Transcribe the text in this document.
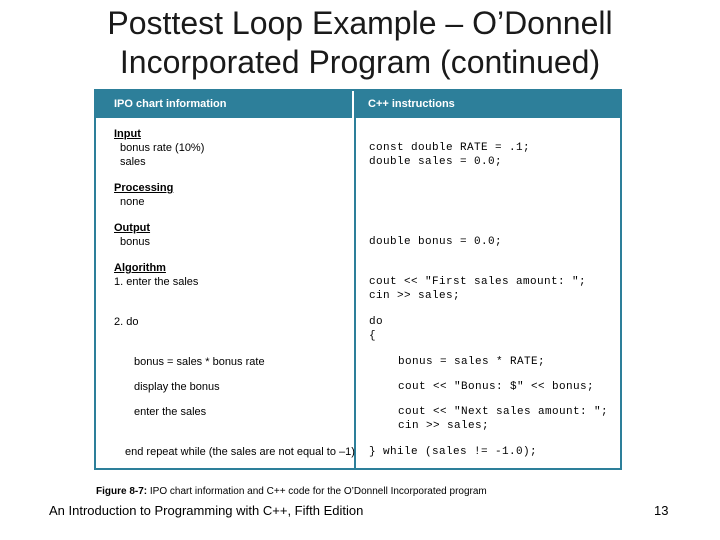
Posttest Loop Example – O’Donnell
Incorporated Program (continued)
IPO chart information	C++ instructions
Input
bonus rate (10%)
sales
Processing
none
Output
bonus
Algorithm
1. enter the sales
2. do
bonus = sales * bonus rate
display the bonus
enter the sales
end repeat while (the sales are not equal to –1)
const double RATE = .1;
double sales = 0.0;
double bonus = 0.0;
cout << "First sales amount: ";
cin >> sales;
do
{
bonus = sales * RATE;
cout << "Bonus: $" << bonus;
cout << "Next sales amount: ";
cin >> sales;
} while (sales != -1.0);
Figure 8-7: IPO chart information and C++ code for the O’Donnell Incorporated program
An Introduction to Programming with C++, Fifth Edition	13
